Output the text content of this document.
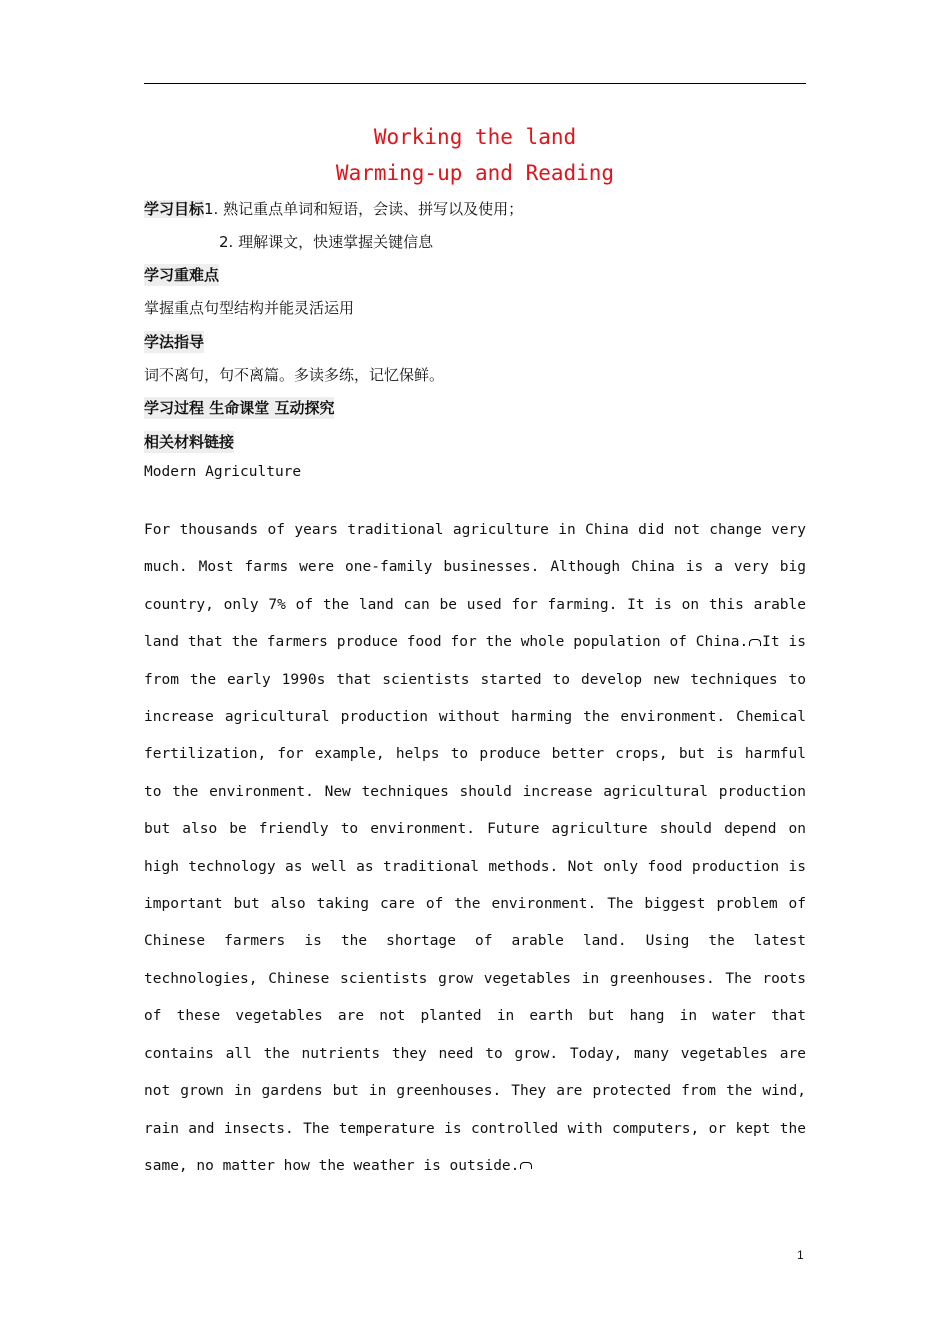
Working the land
Warming-up and Reading
学习目标1. 熟记重点单词和短语，会读、拼写以及使用；
2. 理解课文，快速掌握关键信息
学习重难点
掌握重点句型结构并能灵活运用
学法指导
词不离句，句不离篇。多读多练，记忆保鲜。
学习过程 生命课堂 互动探究
相关材料链接
Modern Agriculture

For thousands of years traditional agriculture in China did not change very much. Most farms were one-family businesses. Although China is a very big country, only 7% of the land can be used for farming. It is on this arable land that the farmers produce food for the whole population of China. It is from the early 1990s that scientists started to develop new techniques to increase agricultural production without harming the environment. Chemical fertilization, for example, helps to produce better crops, but is harmful to the environment. New techniques should increase agricultural production but also be friendly to environment. Future agriculture should depend on high technology as well as traditional methods. Not only food production is important but also taking care of the environment. The biggest problem of Chinese farmers is the shortage of arable land. Using the latest technologies, Chinese scientists grow vegetables in greenhouses. The roots of these vegetables are not planted in earth but hang in water that contains all the nutrients they need to grow. Today, many vegetables are not grown in gardens but in greenhouses. They are protected from the wind, rain and insects. The temperature is controlled with computers, or kept the same, no matter how the weather is outside.

1
